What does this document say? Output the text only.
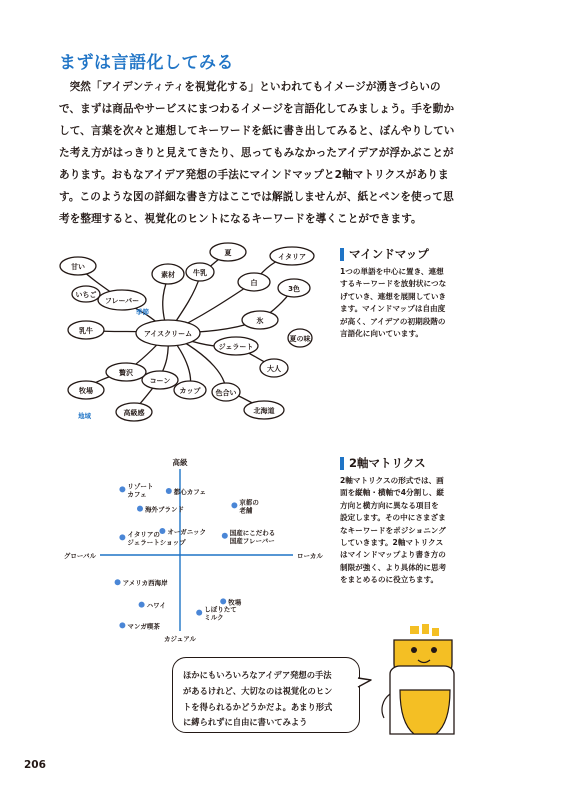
まずは言語化してみる

突然「アイデンティティを視覚化する」といわれてもイメージが湧きづらいの

で、まずは商品やサービスにまつわるイメージを言語化してみましょう。手を動か
して、言葉を次々と連想してキーワードを紙に書き出してみると、ぼんやりしてい
た考え方がはっきりと見えてきたり、思ってもみなかったアイデアが浮かぶことが
あります。おもなアイデア発想の手法にマインドマップと2軸マトリクスがありま
す。このような図の詳細な書き方はここでは解説しませんが、紙とペンを使って思
考を整理すると、視覚化のヒントになるキーワードを導くことができます。
アイスクリーム
フレーバー
素材	牛乳
白
氷
ジェラート
コーン
贅沢
カップ 色合い
乳牛
甘い
いちご
夏	イタリア
3色
大人
牧場
高級感	北海道
夏の味
季節
地域
マインドマップ
1つの単語を中心に置き、連想
するキーワードを放射状につな
げていき、連想を展開していき
ます。マインドマップは自由度
が高く、アイデアの初期段階の
言語化に向いています。
高級
カジュアル
グローバル	ローカル
リゾートカフェ
海外ブランド
都心カフェ
イタリアのジェラートショップ
オーガニック
京都の老舗
国産にこだわる国産フレーバー
アメリカ西海岸
ハワイ
マンガ喫茶
牧場
しぼりたてミルク
2軸マトリクス
2軸マトリクスの形式では、画
面を縦軸・横軸で4分割し、縦
方向と横方向に異なる項目を
設定します。その中にさまざま
なキーワードをポジショニング
していきます。2軸マトリクス
はマインドマップより書き方の
制限が強く、より具体的に思考
をまとめるのに役立ちます。
ほかにもいろいろなアイデア発想の手法
があるけれど、大切なのは視覚化のヒン
トを得られるかどうかだよ。あまり形式
に縛られずに自由に書いてみよう
206
